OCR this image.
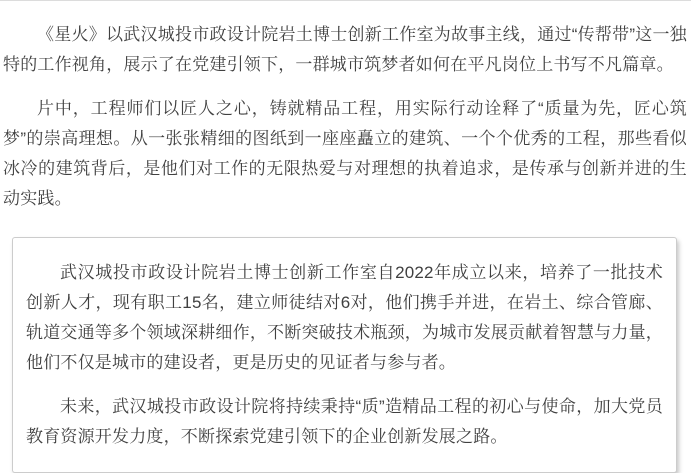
《星火》以武汉城投市政设计院岩土博士创新工作室为故事主线，通过“传帮带”这一独特的工作视角，展示了在党建引领下，一群城市筑梦者如何在平凡岗位上书写不凡篇章。

片中，工程师们以匠人之心，铸就精品工程，用实际行动诠释了“质量为先，匠心筑梦”的崇高理想。从一张张精细的图纸到一座座矗立的建筑、一个个优秀的工程，那些看似冰冷的建筑背后，是他们对工作的无限热爱与对理想的执着追求，是传承与创新并进的生动实践。

武汉城投市政设计院岩土博士创新工作室自2022年成立以来，培养了一批技术创新人才，现有职工15名，建立师徒结对6对，他们携手并进，在岩土、综合管廊、轨道交通等多个领域深耕细作，不断突破技术瓶颈，为城市发展贡献着智慧与力量，他们不仅是城市的建设者，更是历史的见证者与参与者。

未来，武汉城投市政设计院将持续秉持“质”造精品工程的初心与使命，加大党员教育资源开发力度，不断探索党建引领下的企业创新发展之路。
